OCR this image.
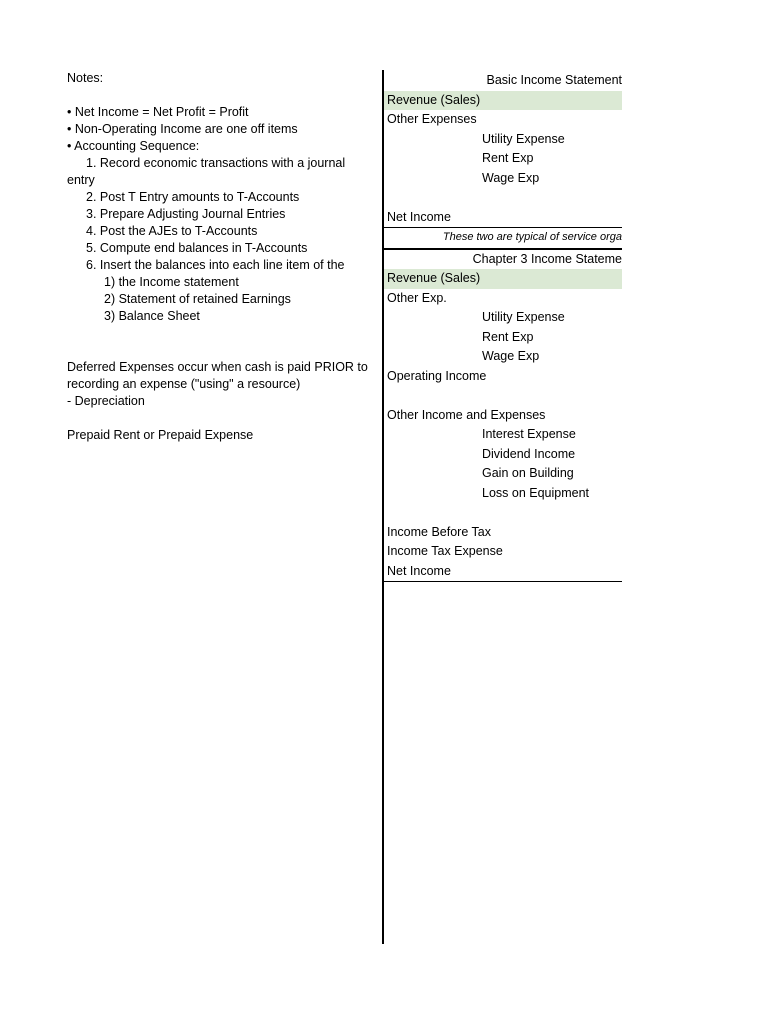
Notes:
• Net Income = Net Profit = Profit
• Non-Operating Income are one off items
• Accounting Sequence:
1. Record economic transactions with a journal
entry
2. Post T Entry amounts to T-Accounts
3. Prepare Adjusting Journal Entries
4. Post the AJEs to T-Accounts
5. Compute end balances in T-Accounts
6. Insert the balances into each line item of the
1) the Income statement
2) Statement of retained Earnings
3) Balance Sheet
Deferred Expenses occur when cash is paid PRIOR to
recording an expense ("using" a resource)
- Depreciation
Prepaid Rent or Prepaid Expense
Basic Income Statement
Revenue (Sales)
Other Expenses
Utility Expense
Rent Exp
Wage Exp
Net Income
These two are typical of service orga
Chapter 3 Income Stateme
Revenue (Sales)
Other Exp.
Utility Expense
Rent Exp
Wage Exp
Operating Income
Other Income and Expenses
Interest Expense
Dividend Income
Gain on Building
Loss on Equipment
Income Before Tax
Income Tax Expense
Net Income
